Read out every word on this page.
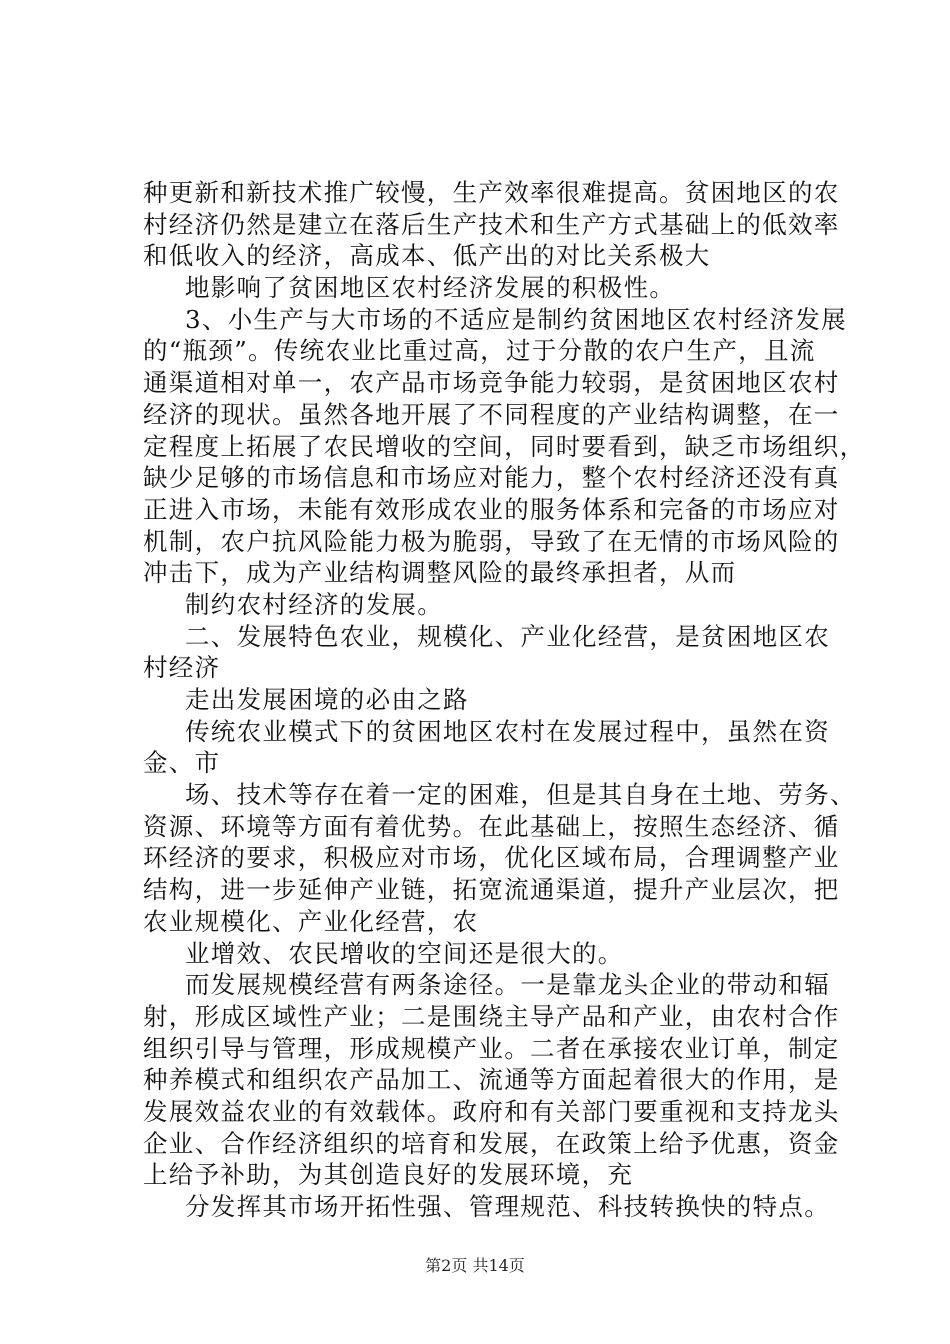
种更新和新技术推广较慢，生产效率很难提高。贫困地区的农
村经济仍然是建立在落后生产技术和生产方式基础上的低效率
和低收入的经济，高成本、低产出的对比关系极大
地影响了贫困地区农村经济发展的积极性。
3、小生产与大市场的不适应是制约贫困地区农村经济发展
的“瓶颈”。传统农业比重过高，过于分散的农户生产，且流
通渠道相对单一，农产品市场竞争能力较弱，是贫困地区农村
经济的现状。虽然各地开展了不同程度的产业结构调整，在一
定程度上拓展了农民增收的空间，同时要看到，缺乏市场组织，
缺少足够的市场信息和市场应对能力，整个农村经济还没有真
正进入市场，未能有效形成农业的服务体系和完备的市场应对
机制，农户抗风险能力极为脆弱，导致了在无情的市场风险的
冲击下，成为产业结构调整风险的最终承担者，从而
制约农村经济的发展。
二、发展特色农业，规模化、产业化经营，是贫困地区农
村经济
走出发展困境的必由之路
传统农业模式下的贫困地区农村在发展过程中，虽然在资
金、市
场、技术等存在着一定的困难，但是其自身在土地、劳务、
资源、环境等方面有着优势。在此基础上，按照生态经济、循
环经济的要求，积极应对市场，优化区域布局，合理调整产业
结构，进一步延伸产业链，拓宽流通渠道，提升产业层次，把
农业规模化、产业化经营，农
业增效、农民增收的空间还是很大的。
而发展规模经营有两条途径。一是靠龙头企业的带动和辐
射，形成区域性产业；二是围绕主导产品和产业，由农村合作
组织引导与管理，形成规模产业。二者在承接农业订单，制定
种养模式和组织农产品加工、流通等方面起着很大的作用，是
发展效益农业的有效载体。政府和有关部门要重视和支持龙头
企业、合作经济组织的培育和发展，在政策上给予优惠，资金
上给予补助，为其创造良好的发展环境，充
分发挥其市场开拓性强、管理规范、科技转换快的特点。
第2页 共14页
